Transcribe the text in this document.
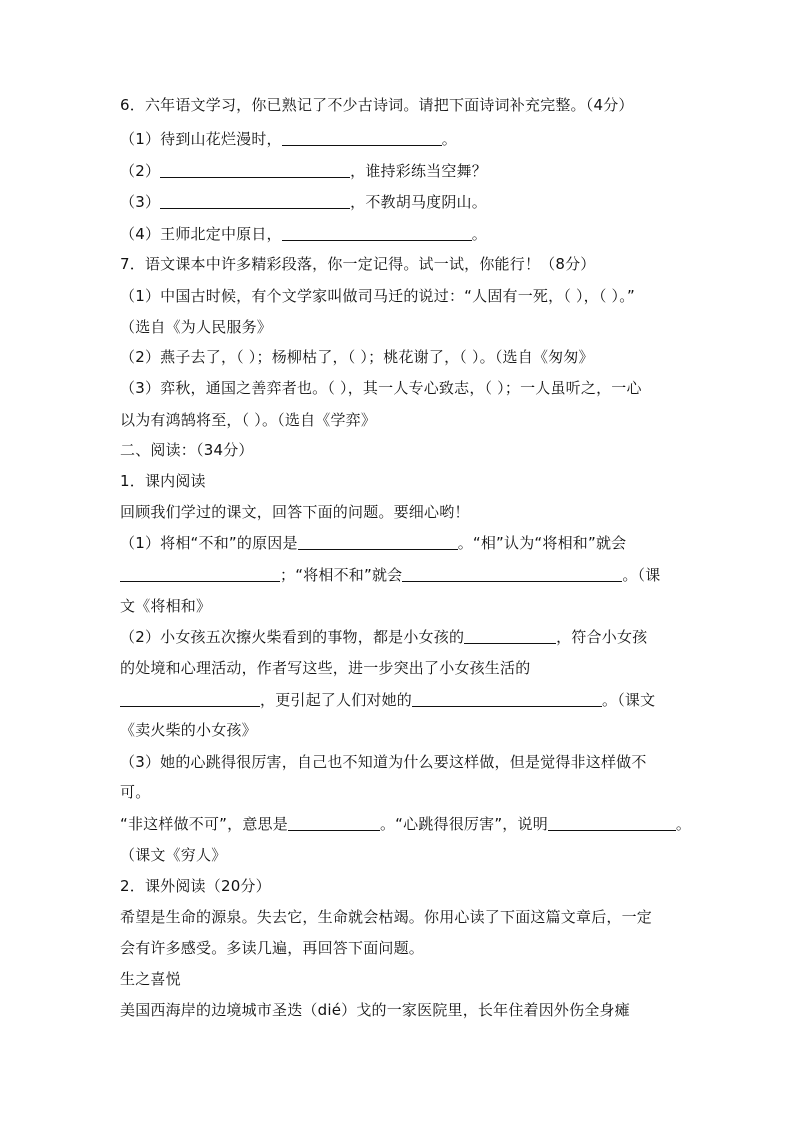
6．六年语文学习，你已熟记了不少古诗词。请把下面诗词补充完整。（4分）
（1）待到山花烂漫时，	。
（2）	，谁持彩练当空舞？
（3）	，不教胡马度阴山。
（4）王师北定中原日，	。
7．语文课本中许多精彩段落，你一定记得。试一试，你能行！（8分）
（1）中国古时候，有个文学家叫做司马迁的说过：“人固有一死，（ ），（ ）。”
（选自《为人民服务》
（2）燕子去了，（ ）；杨柳枯了，（ ）；桃花谢了，（ ）。（选自《匆匆》
（3）弈秋，通国之善弈者也。（ ），其一人专心致志，（ ）；一人虽听之，一心
以为有鸿鹄将至，（ ）。（选自《学弈》
二、阅读：（34分）
1．课内阅读
回顾我们学过的课文，回答下面的问题。要细心哟！
（1）将相“不和”的原因是	。“相”认为“将相和”就会
；“将相不和”就会	。（课
文《将相和》
（2）小女孩五次擦火柴看到的事物，都是小女孩的	，符合小女孩
的处境和心理活动，作者写这些，进一步突出了小女孩生活的
，更引起了人们对她的	。（课文
《卖火柴的小女孩》
（3）她的心跳得很厉害，自己也不知道为什么要这样做，但是觉得非这样做不
可。
“非这样做不可”，意思是	。“心跳得很厉害”，说明	。
（课文《穷人》
2．课外阅读（20分）
希望是生命的源泉。失去它，生命就会枯竭。你用心读了下面这篇文章后，一定
会有许多感受。多读几遍，再回答下面问题。
生之喜悦
美国西海岸的边境城市圣迭（dié）戈的一家医院里，长年住着因外伤全身瘫
